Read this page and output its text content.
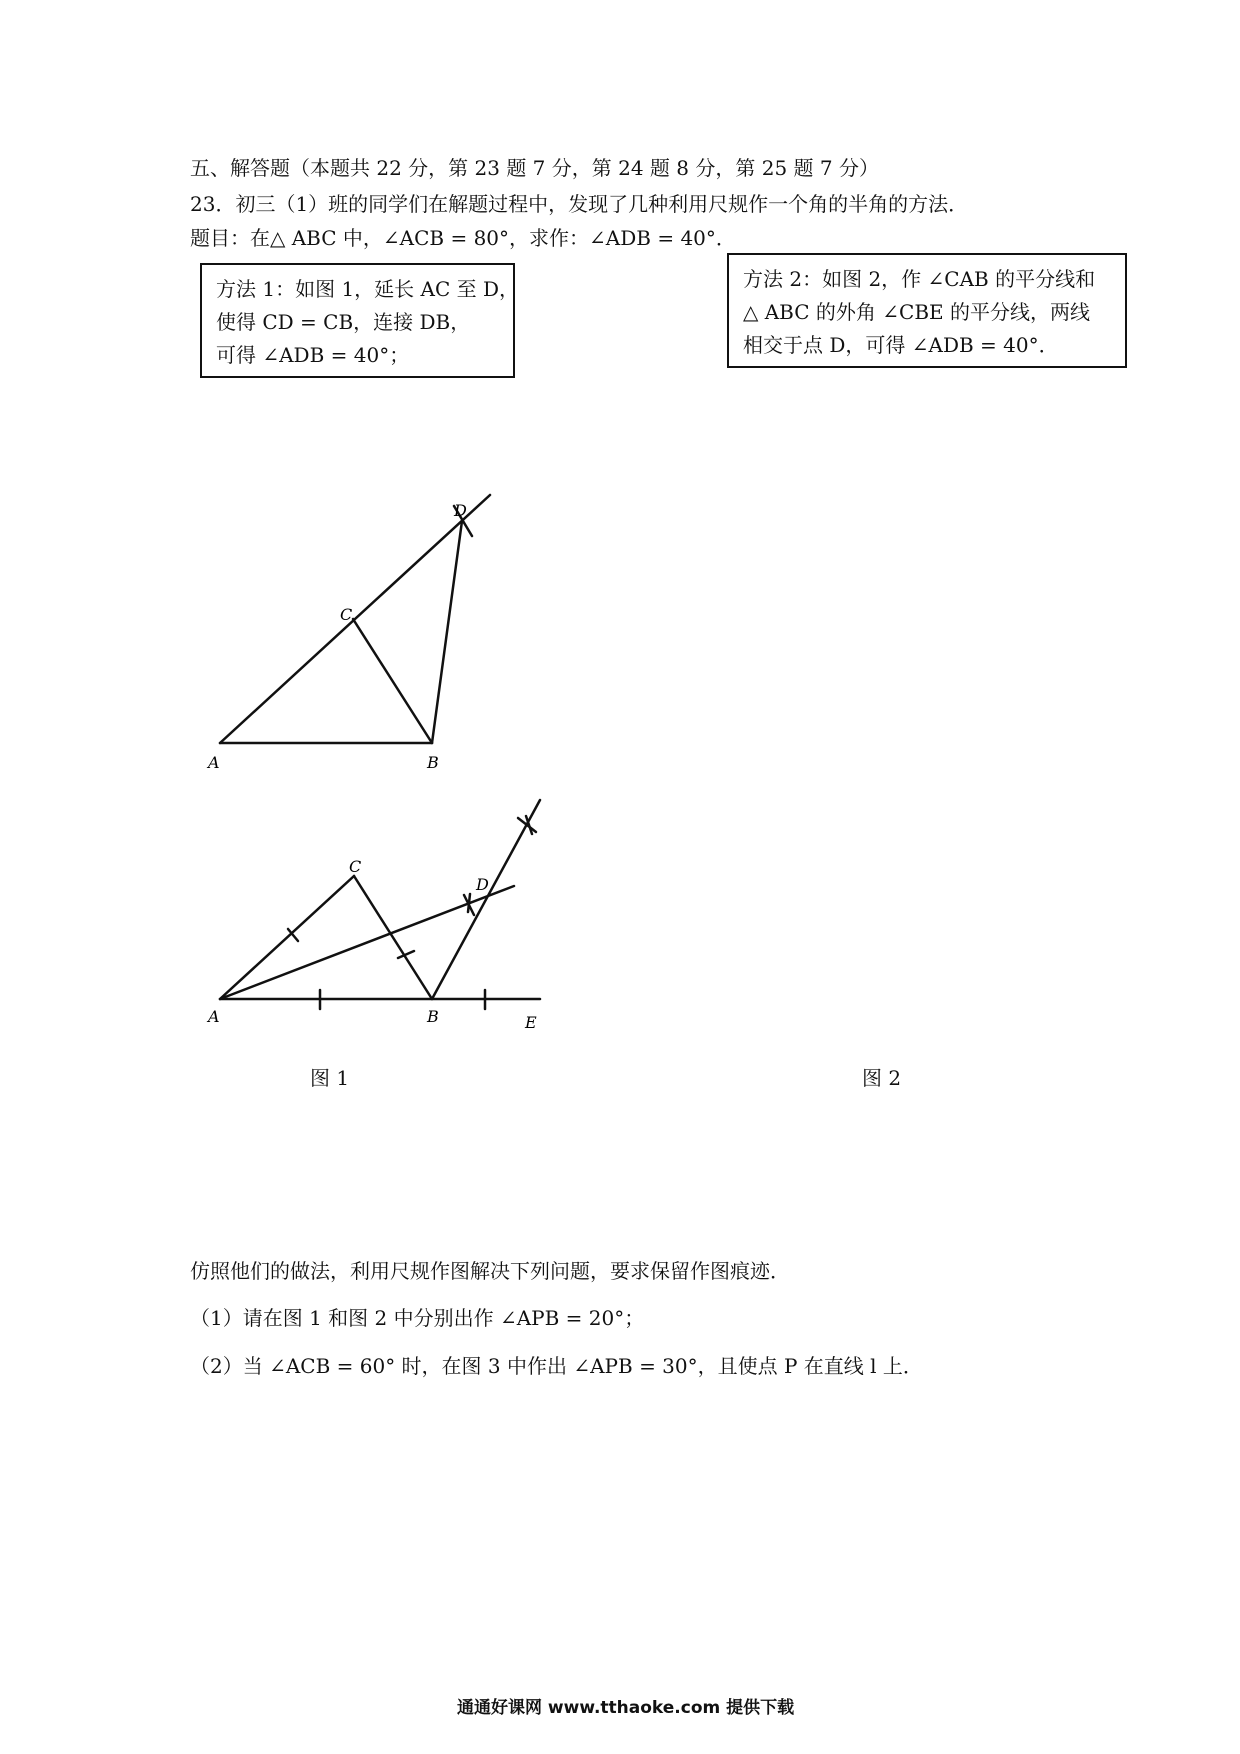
五、解答题（本题共 22 分，第 23 题 7 分，第 24 题 8 分，第 25 题 7 分）
23．初三（1）班的同学们在解题过程中，发现了几种利用尺规作一个角的半角的方法．
题目：在△ ABC 中，∠ACB = 80°，求作：∠ADB = 40°．
方法 1：如图 1，延长 AC 至 D，
使得 CD = CB，连接 DB，
可得 ∠ADB = 40°；
方法 2：如图 2，作 ∠CAB 的平分线和
△ ABC 的外角 ∠CBE 的平分线，两线
相交于点 D，可得 ∠ADB = 40°．
A	B
C
D
A	B
C
D
E
图 1	图 2
仿照他们的做法，利用尺规作图解决下列问题，要求保留作图痕迹．
（1）请在图 1 和图 2 中分别出作 ∠APB = 20°；
（2）当 ∠ACB = 60° 时，在图 3 中作出 ∠APB = 30°，且使点 P 在直线 l 上．
通通好课网 www.tthaoke.com 提供下载
